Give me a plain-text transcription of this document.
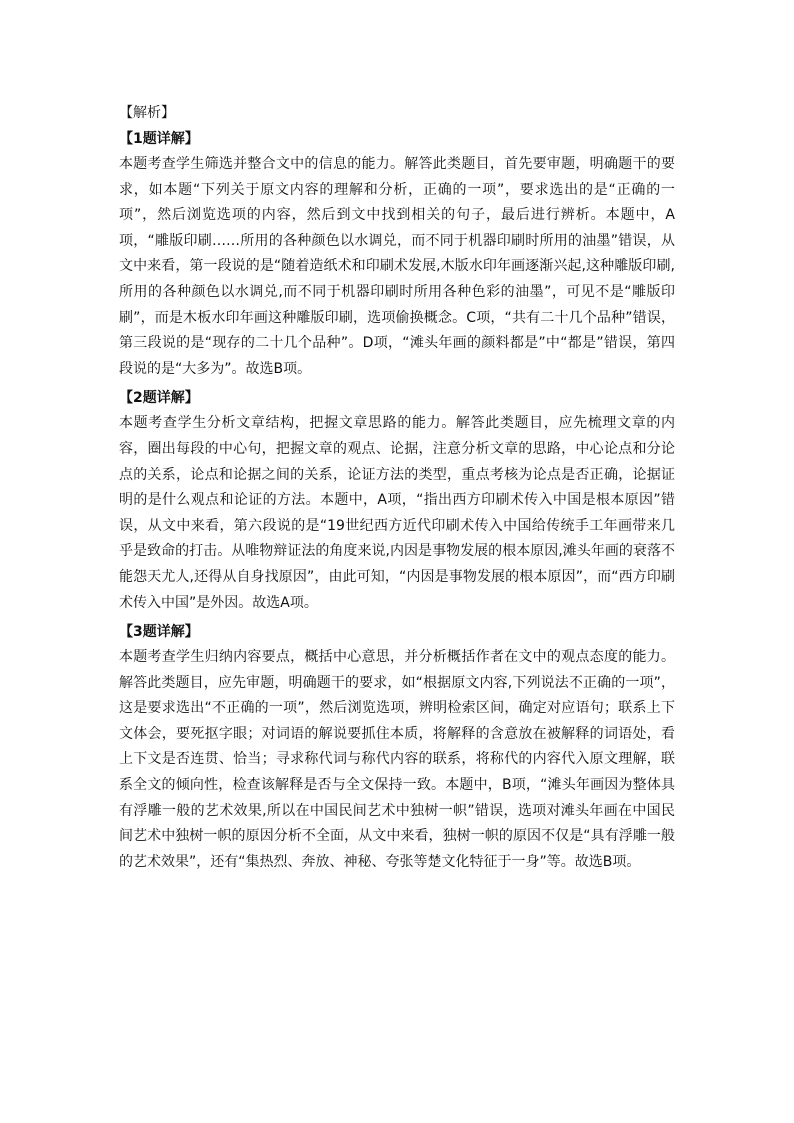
【解析】
【1题详解】

本题考查学生筛选并整合文中的信息的能力。解答此类题目，首先要审题，明确题干的要求，如本题“下列关于原文内容的理解和分析，正确的一项”，要求选出的是“正确的一项”，然后浏览选项的内容，然后到文中找到相关的句子，最后进行辨析。本题中，A项，“雕版印刷……所用的各种颜色以水调兑，而不同于机器印刷时所用的油墨”错误，从文中来看，第一段说的是“随着造纸术和印刷术发展,木版水印年画逐渐兴起,这种雕版印刷,所用的各种颜色以水调兑,而不同于机器印刷时所用各种色彩的油墨”，可见不是“雕版印刷”，而是木板水印年画这种雕版印刷，选项偷换概念。C项，“共有二十几个品种”错误，第三段说的是“现存的二十几个品种”。D项，“滩头年画的颜料都是”中“都是”错误，第四段说的是“大多为”。故选B项。

【2题详解】

本题考查学生分析文章结构，把握文章思路的能力。解答此类题目，应先梳理文章的内容，圈出每段的中心句，把握文章的观点、论据，注意分析文章的思路，中心论点和分论点的关系，论点和论据之间的关系，论证方法的类型，重点考核为论点是否正确，论据证明的是什么观点和论证的方法。本题中，A项，“指出西方印刷术传入中国是根本原因”错误，从文中来看，第六段说的是“19世纪西方近代印刷术传入中国给传统手工年画带来几乎是致命的打击。从唯物辩证法的角度来说,内因是事物发展的根本原因,滩头年画的衰落不能怨天尤人,还得从自身找原因”，由此可知，“内因是事物发展的根本原因”，而“西方印刷术传入中国”是外因。故选A项。

【3题详解】

本题考查学生归纳内容要点，概括中心意思，并分析概括作者在文中的观点态度的能力。解答此类题目，应先审题，明确题干的要求，如“根据原文内容,下列说法不正确的一项”，这是要求选出“不正确的一项”，然后浏览选项，辨明检索区间，确定对应语句；联系上下文体会，要死抠字眼；对词语的解说要抓住本质，将解释的含意放在被解释的词语处，看上下文是否连贯、恰当；寻求称代词与称代内容的联系，将称代的内容代入原文理解，联系全文的倾向性，检查该解释是否与全文保持一致。本题中，B项，“滩头年画因为整体具有浮雕一般的艺术效果,所以在中国民间艺术中独树一帜”错误，选项对滩头年画在中国民间艺术中独树一帜的原因分析不全面，从文中来看，独树一帜的原因不仅是“具有浮雕一般的艺术效果”，还有“集热烈、奔放、神秘、夸张等楚文化特征于一身”等。故选B项。
